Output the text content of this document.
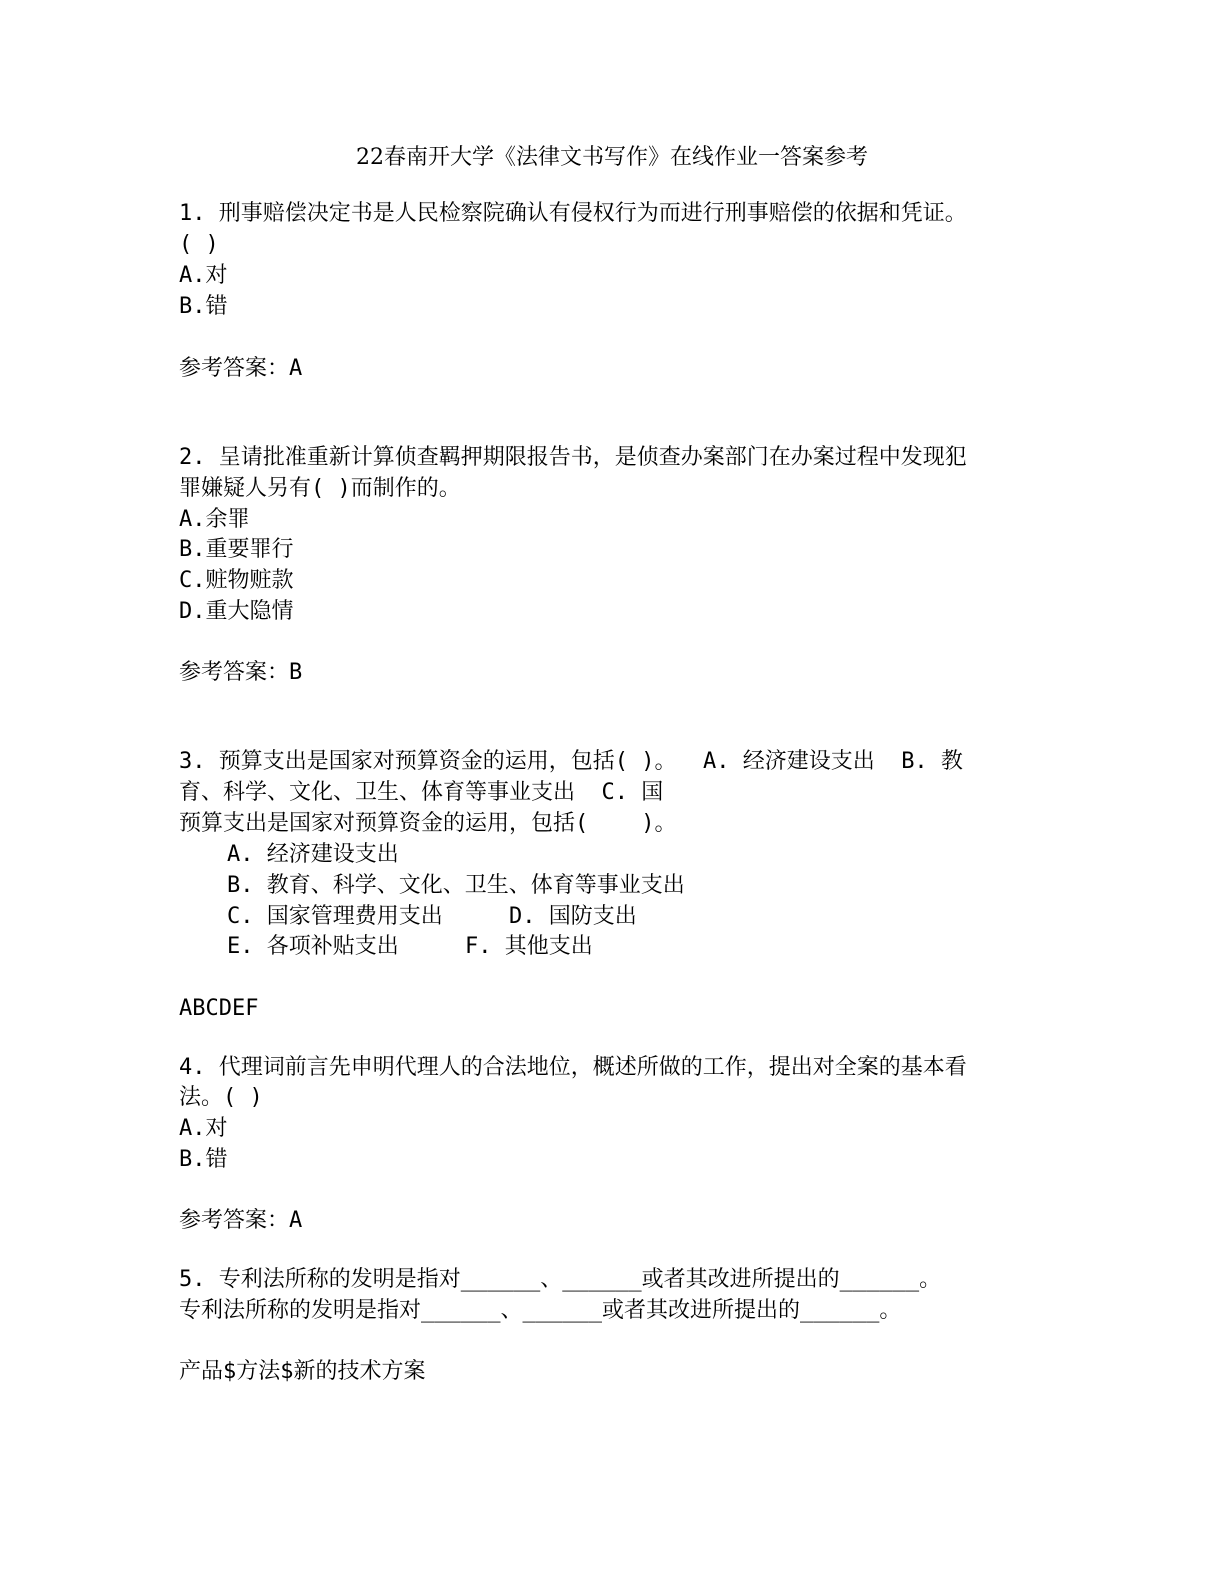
22春南开大学《法律文书写作》在线作业一答案参考
1. 刑事赔偿决定书是人民检察院确认有侵权行为而进行刑事赔偿的依据和凭证。
( )
A.对
B.错
参考答案：A
2. 呈请批准重新计算侦查羁押期限报告书，是侦查办案部门在办案过程中发现犯
罪嫌疑人另有( )而制作的。
A.余罪
B.重要罪行
C.赃物赃款
D.重大隐情
参考答案：B
3. 预算支出是国家对预算资金的运用，包括( )。  A. 经济建设支出  B. 教
育、科学、文化、卫生、体育等事业支出  C. 国
预算支出是国家对预算资金的运用，包括(    )。
A. 经济建设支出
B. 教育、科学、文化、卫生、体育等事业支出
C. 国家管理费用支出     D. 国防支出
E. 各项补贴支出     F. 其他支出
ABCDEF
4. 代理词前言先申明代理人的合法地位，概述所做的工作，提出对全案的基本看
法。( )
A.对
B.错
参考答案：A
5. 专利法所称的发明是指对______、______或者其改进所提出的______。
专利法所称的发明是指对______、______或者其改进所提出的______。
产品$方法$新的技术方案
